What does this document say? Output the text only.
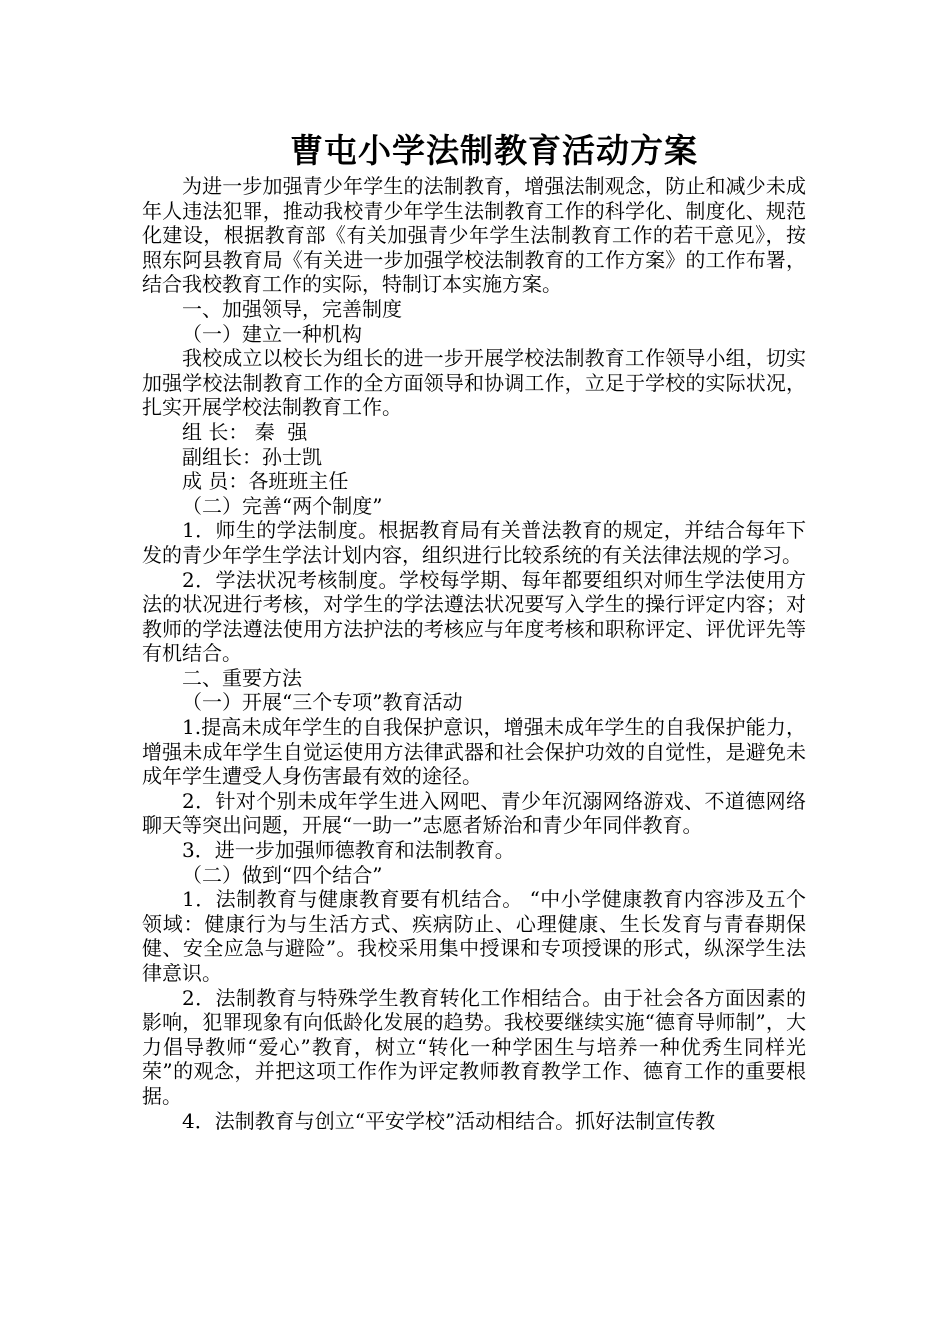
曹屯小学法制教育活动方案

为进一步加强青少年学生的法制教育，增强法制观念，防止和减少未成年人违法犯罪，推动我校青少年学生法制教育工作的科学化、制度化、规范化建设，根据教育部《有关加强青少年学生法制教育工作的若干意见》，按照东阿县教育局《有关进一步加强学校法制教育的工作方案》的工作布署，结合我校教育工作的实际，特制订本实施方案。

一、加强领导，完善制度

（一）建立一种机构

我校成立以校长为组长的进一步开展学校法制教育工作领导小组，切实加强学校法制教育工作的全方面领导和协调工作，立足于学校的实际状况，扎实开展学校法制教育工作。

组 长： 秦  强

副组长：孙士凯

成 员：各班班主任

（二）完善“两个制度”

1．师生的学法制度。根据教育局有关普法教育的规定，并结合每年下发的青少年学生学法计划内容，组织进行比较系统的有关法律法规的学习。

2．学法状况考核制度。学校每学期、每年都要组织对师生学法使用方法的状况进行考核，对学生的学法遵法状况要写入学生的操行评定内容；对教师的学法遵法使用方法护法的考核应与年度考核和职称评定、评优评先等有机结合。

二、重要方法

（一）开展“三个专项”教育活动

1.提高未成年学生的自我保护意识，增强未成年学生的自我保护能力，增强未成年学生自觉运使用方法律武器和社会保护功效的自觉性，是避免未成年学生遭受人身伤害最有效的途径。

2．针对个别未成年学生进入网吧、青少年沉溺网络游戏、不道德网络聊天等突出问题，开展“一助一”志愿者矫治和青少年同伴教育。

3．进一步加强师德教育和法制教育。

（二）做到“四个结合”

1．法制教育与健康教育要有机结合。 “中小学健康教育内容涉及五个领域：健康行为与生活方式、疾病防止、心理健康、生长发育与青春期保健、安全应急与避险”。我校采用集中授课和专项授课的形式，纵深学生法律意识。

2．法制教育与特殊学生教育转化工作相结合。由于社会各方面因素的影响，犯罪现象有向低龄化发展的趋势。我校要继续实施“德育导师制”，大力倡导教师“爱心”教育，树立“转化一种学困生与培养一种优秀生同样光荣”的观念，并把这项工作作为评定教师教育教学工作、德育工作的重要根据。

4．法制教育与创立“平安学校”活动相结合。抓好法制宣传教
